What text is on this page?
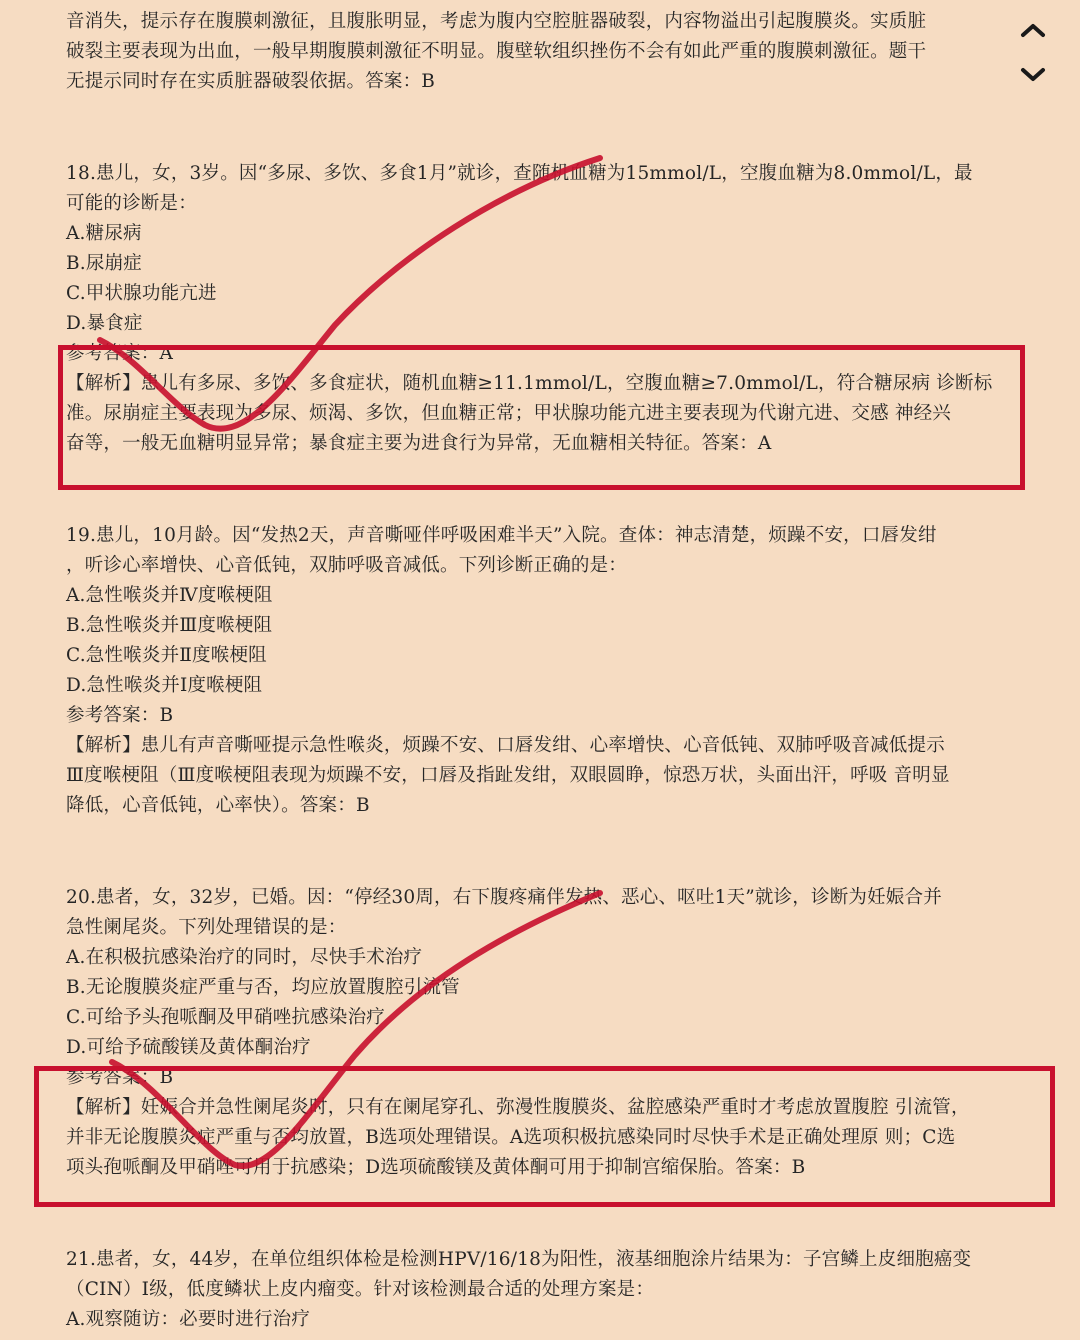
音消失，提示存在腹膜刺激征，且腹胀明显，考虑为腹内空腔脏器破裂，内容物溢出引起腹膜炎。实质脏
破裂主要表现为出血，一般早期腹膜刺激征不明显。腹壁软组织挫伤不会有如此严重的腹膜刺激征。题干
无提示同时存在实质脏器破裂依据。答案：B
18.患儿，女，3岁。因“多尿、多饮、多食1月”就诊，查随机血糖为15mmol/L，空腹血糖为8.0mmol/L，最
可能的诊断是：
A.糖尿病
B.尿崩症
C.甲状腺功能亢进
D.暴食症
参考答案：A
【解析】患儿有多尿、多饮、多食症状，随机血糖≥11.1mmol/L，空腹血糖≥7.0mmol/L，符合糖尿病 诊断标
准。尿崩症主要表现为多尿、烦渴、多饮，但血糖正常；甲状腺功能亢进主要表现为代谢亢进、交感 神经兴
奋等，一般无血糖明显异常；暴食症主要为进食行为异常，无血糖相关特征。答案：A
19.患儿，10月龄。因“发热2天，声音嘶哑伴呼吸困难半天”入院。查体：神志清楚，烦躁不安，口唇发绀
，听诊心率增快、心音低钝，双肺呼吸音减低。下列诊断正确的是：
A.急性喉炎并Ⅳ度喉梗阻
B.急性喉炎并Ⅲ度喉梗阻
C.急性喉炎并Ⅱ度喉梗阻
D.急性喉炎并Ⅰ度喉梗阻
参考答案：B
【解析】患儿有声音嘶哑提示急性喉炎，烦躁不安、口唇发绀、心率增快、心音低钝、双肺呼吸音减低提示
Ⅲ度喉梗阻（Ⅲ度喉梗阻表现为烦躁不安，口唇及指趾发绀，双眼圆睁，惊恐万状，头面出汗，呼吸 音明显
降低，心音低钝，心率快）。答案：B
20.患者，女，32岁，已婚。因：“停经30周，右下腹疼痛伴发热、恶心、呕吐1天”就诊，诊断为妊娠合并
急性阑尾炎。下列处理错误的是：
A.在积极抗感染治疗的同时，尽快手术治疗
B.无论腹膜炎症严重与否，均应放置腹腔引流管
C.可给予头孢哌酮及甲硝唑抗感染治疗
D.可给予硫酸镁及黄体酮治疗
参考答案：B
【解析】妊娠合并急性阑尾炎时，只有在阑尾穿孔、弥漫性腹膜炎、盆腔感染严重时才考虑放置腹腔 引流管，
并非无论腹膜炎症严重与否均放置，B选项处理错误。A选项积极抗感染同时尽快手术是正确处理原 则；C选
项头孢哌酮及甲硝唑可用于抗感染；D选项硫酸镁及黄体酮可用于抑制宫缩保胎。答案：B
21.患者，女，44岁，在单位组织体检是检测HPV/16/18为阳性，液基细胞涂片结果为：子宫鳞上皮细胞癌变
（CIN）Ⅰ级，低度鳞状上皮内瘤变。针对该检测最合适的处理方案是：
A.观察随访：必要时进行治疗
